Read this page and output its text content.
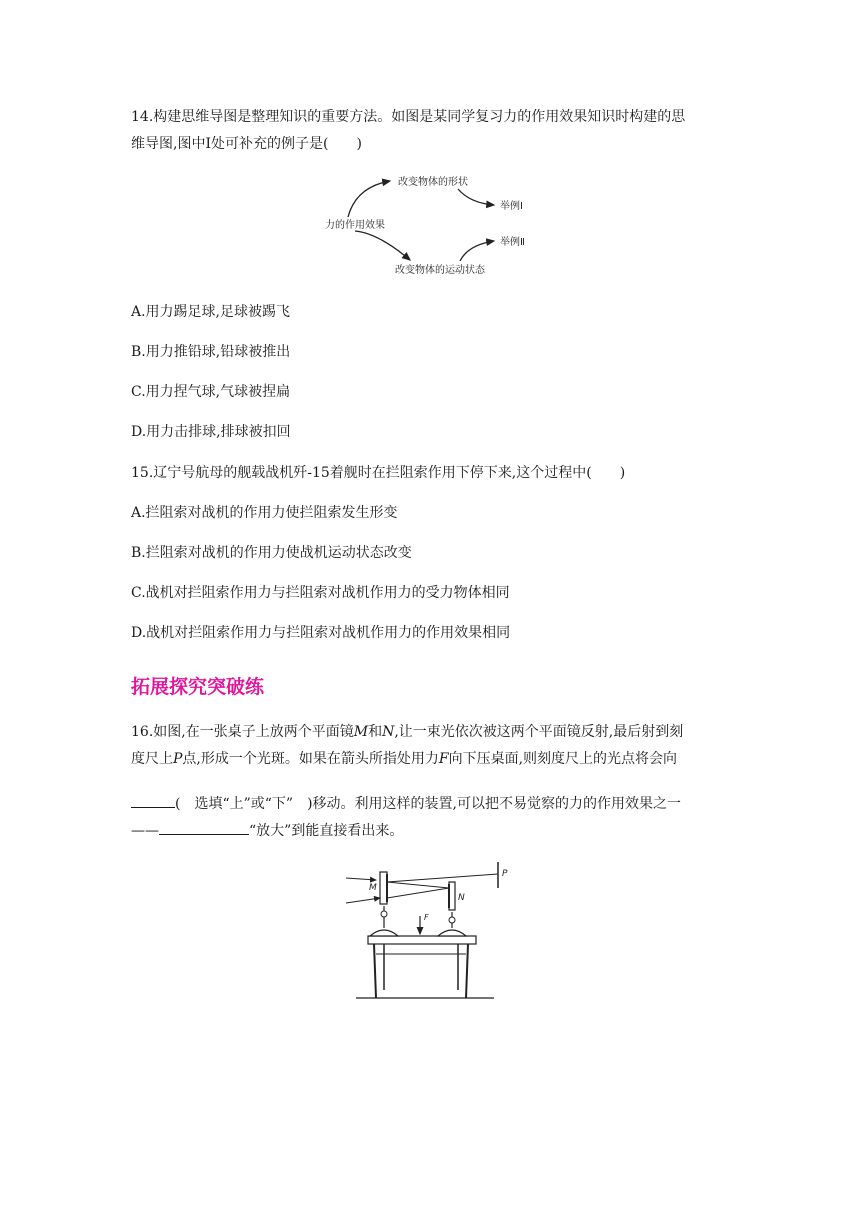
14.构建思维导图是整理知识的重要方法。如图是某同学复习力的作用效果知识时构建的思
维导图,图中Ⅰ处可补充的例子是(　　)
力的作用效果
改变物体的形状
改变物体的运动状态
举例Ⅰ
举例Ⅱ
A.用力踢足球,足球被踢飞
B.用力推铅球,铅球被推出
C.用力捏气球,气球被捏扁
D.用力击排球,排球被扣回
15.辽宁号航母的舰载战机歼-15着舰时在拦阻索作用下停下来,这个过程中(　　)
A.拦阻索对战机的作用力使拦阻索发生形变
B.拦阻索对战机的作用力使战机运动状态改变
C.战机对拦阻索作用力与拦阻索对战机作用力的受力物体相同
D.战机对拦阻索作用力与拦阻索对战机作用力的作用效果相同
拓展探究突破练
16.如图,在一张桌子上放两个平面镜M和N,让一束光依次被这两个平面镜反射,最后射到刻
度尺上P点,形成一个光斑。如果在箭头所指处用力F向下压桌面,则刻度尺上的光点将会向
(　选填“上”或“下”　)移动。利用这样的装置,可以把不易觉察的力的作用效果之一
——	“放大”到能直接看出来。
M
N
P
F
